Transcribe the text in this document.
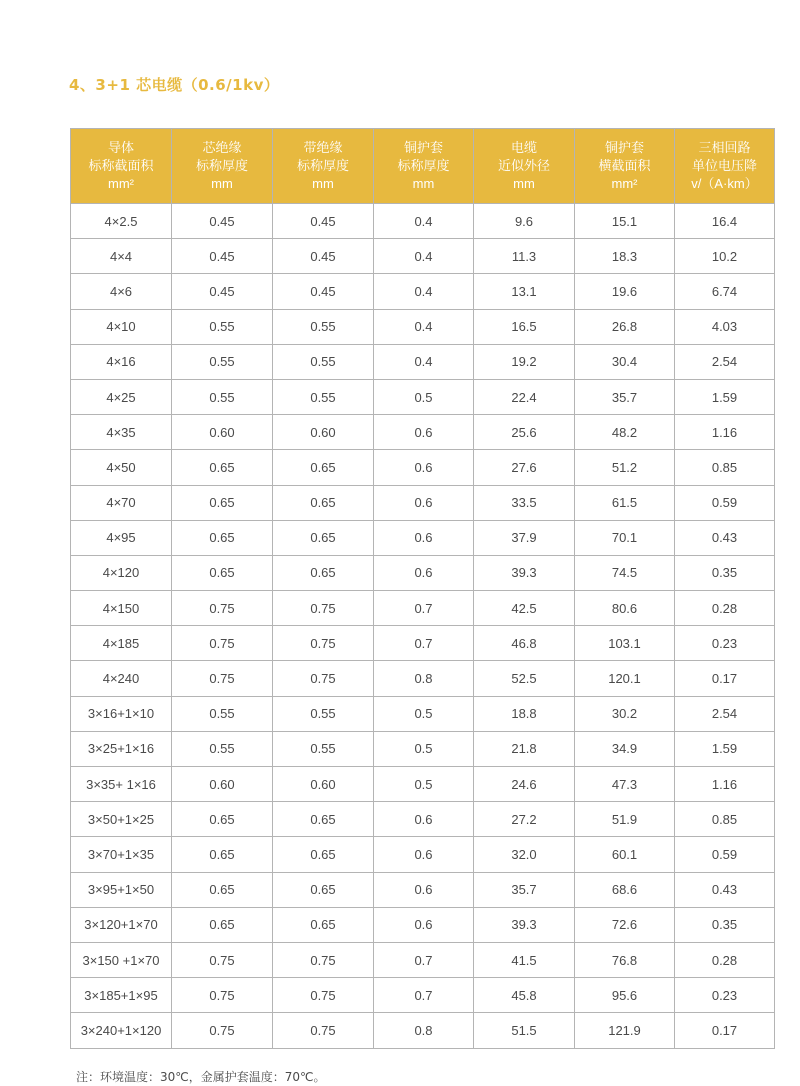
4、3+1 芯电缆（0.6/1kv）
导体
标称截面积
mm²	芯绝缘
标称厚度
mm	带绝缘
标称厚度
mm	铜护套
标称厚度
mm	电缆
近似外径
mm	铜护套
横截面积
mm²	三相回路
单位电压降
v/（A·km）

4×2.5	0.45	0.45	0.4	9.6	15.1	16.4
4×4	0.45	0.45	0.4	11.3	18.3	10.2
4×6	0.45	0.45	0.4	13.1	19.6	6.74
4×10	0.55	0.55	0.4	16.5	26.8	4.03
4×16	0.55	0.55	0.4	19.2	30.4	2.54
4×25	0.55	0.55	0.5	22.4	35.7	1.59
4×35	0.60	0.60	0.6	25.6	48.2	1.16
4×50	0.65	0.65	0.6	27.6	51.2	0.85
4×70	0.65	0.65	0.6	33.5	61.5	0.59
4×95	0.65	0.65	0.6	37.9	70.1	0.43
4×120	0.65	0.65	0.6	39.3	74.5	0.35
4×150	0.75	0.75	0.7	42.5	80.6	0.28
4×185	0.75	0.75	0.7	46.8	103.1	0.23
4×240	0.75	0.75	0.8	52.5	120.1	0.17
3×16+1×10	0.55	0.55	0.5	18.8	30.2	2.54
3×25+1×16	0.55	0.55	0.5	21.8	34.9	1.59
3×35+ 1×16	0.60	0.60	0.5	24.6	47.3	1.16
3×50+1×25	0.65	0.65	0.6	27.2	51.9	0.85
3×70+1×35	0.65	0.65	0.6	32.0	60.1	0.59
3×95+1×50	0.65	0.65	0.6	35.7	68.6	0.43
3×120+1×70	0.65	0.65	0.6	39.3	72.6	0.35
3×150 +1×70	0.75	0.75	0.7	41.5	76.8	0.28
3×185+1×95	0.75	0.75	0.7	45.8	95.6	0.23
3×240+1×120	0.75	0.75	0.8	51.5	121.9	0.17
注：环境温度：30℃，金属护套温度：70℃。
